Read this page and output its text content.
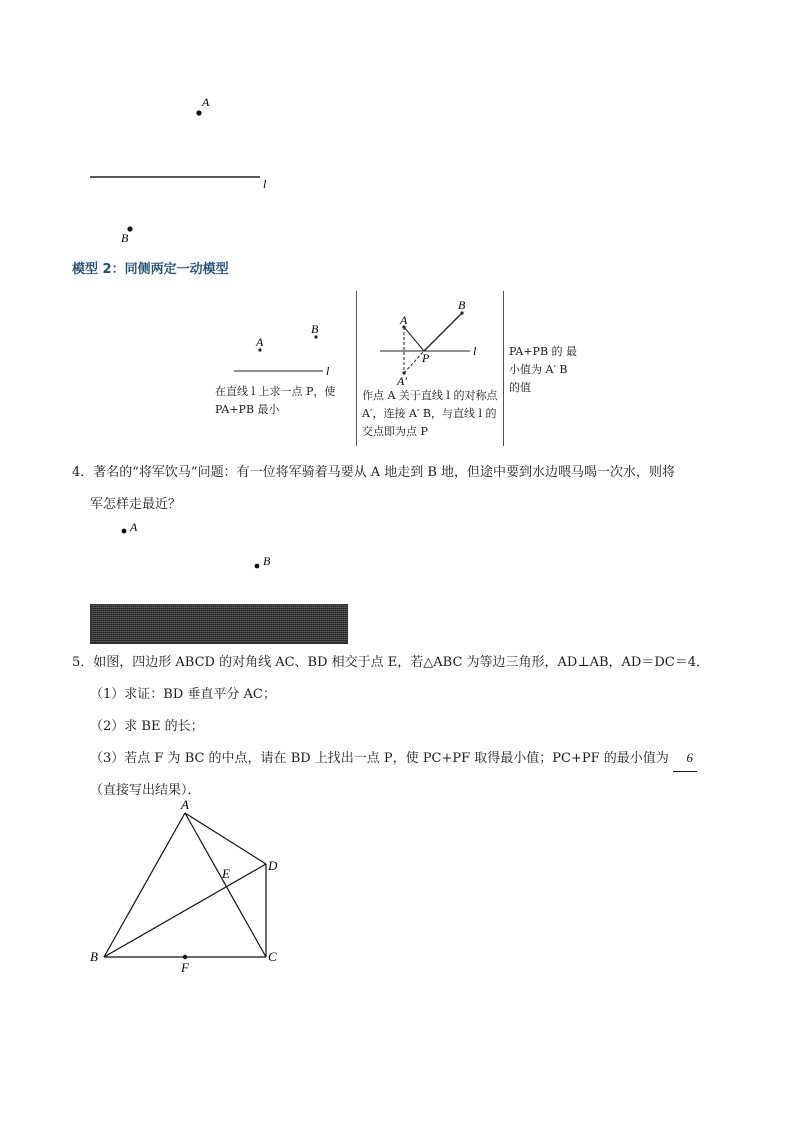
A
l
B
模型 2：同侧两定一动模型
A
B
l
在直线 l 上求一点 P，使 PA+PB 最小
l
A
B
A′
P
作点 A 关于直线 l 的对称点 A′，连接 A′ B，与直线 l 的交点即为点 P
PA+PB 的 最小值为 A′ B 的值
4．著名的“将军饮马”问题：有一位将军骑着马要从 A 地走到 B 地，但途中要到水边喂马喝一次水，则将
军怎样走最近？
A
B
5．如图，四边形 ABCD 的对角线 AC、BD 相交于点 E，若△ABC 为等边三角形，AD⊥AB，AD＝DC＝4．
（1）求证：BD 垂直平分 AC；
（2）求 BE 的长；
（3）若点 F 为 BC 的中点，请在 BD 上找出一点 P，使 PC+PF 取得最小值；PC+PF 的最小值为 6
（直接写出结果）．
A
B	C
D
E
F
